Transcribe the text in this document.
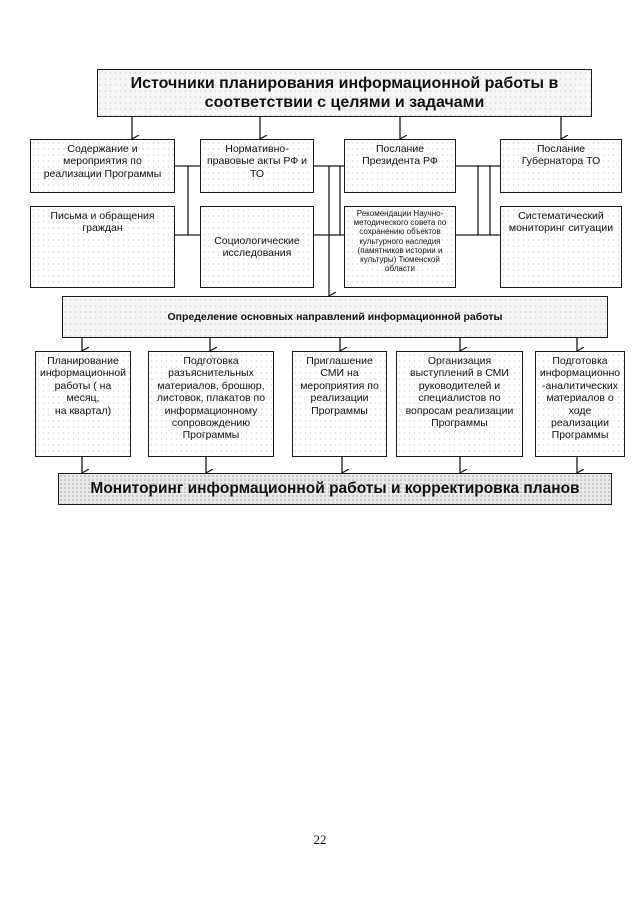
Источники планирования информационной работы в
соответствии с целями и задачами
Содержание и
мероприятия по
реализации Программы
Нормативно-
правовые акты РФ и
ТО
Послание
Президента РФ
Послание
Губернатора ТО
Письма и обращения
граждан
Социологические
исследования
Рекомендации Научно-
методического совета по
сохранению объектов
культурного наследия
(памятников истории и
культуры) Тюменской
области
Систематический
мониторинг ситуации
Определение основных направлений информационной работы
Планирование
информационной
работы ( на месяц,
на квартал)
Подготовка
разъяснительных
материалов, брошюр,
листовок, плакатов по
информационному
сопровождению
Программы
Приглашение
СМИ на
мероприятия по
реализации
Программы
Организация
выступлений в СМИ
руководителей и
специалистов по
вопросам реализации
Программы
Подготовка
информационно
-аналитических
материалов о
ходе
реализации
Программы
Мониторинг информационной работы и корректировка планов
22
